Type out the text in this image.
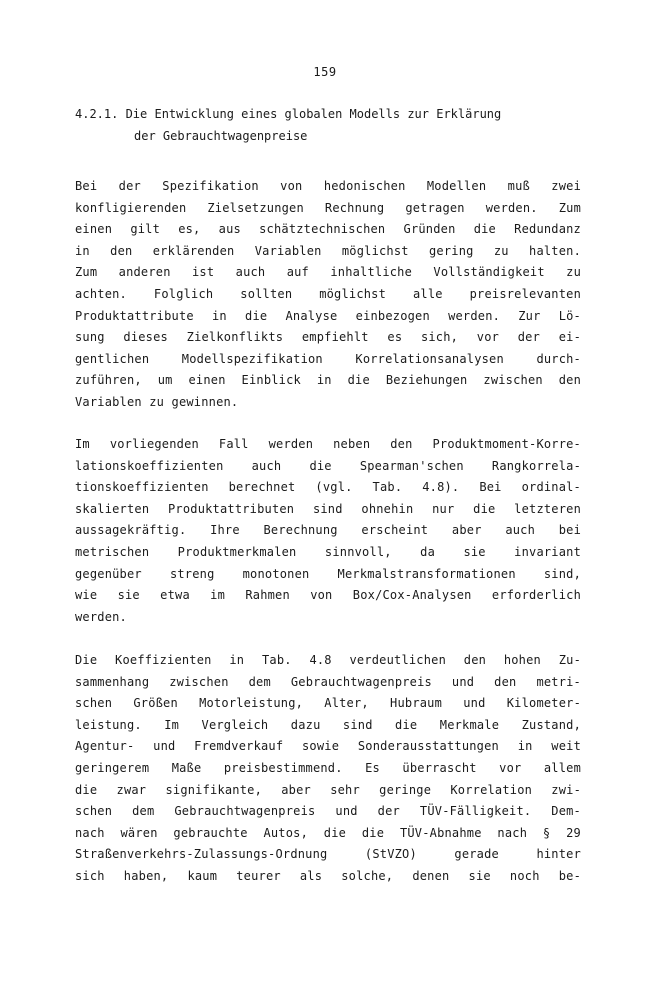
159
4.2.1. Die Entwicklung eines globalen Modells zur Erklärung
der Gebrauchtwagenpreise
Bei der Spezifikation von hedonischen Modellen muß zwei
konfligierenden Zielsetzungen Rechnung getragen werden. Zum
einen gilt es, aus schätztechnischen Gründen die Redundanz
in den erklärenden Variablen möglichst gering zu halten.
Zum anderen ist auch auf inhaltliche Vollständigkeit zu
achten. Folglich sollten möglichst alle preisrelevanten
Produktattribute in die Analyse einbezogen werden. Zur Lö-
sung dieses Zielkonflikts empfiehlt es sich, vor der ei-
gentlichen Modellspezifikation Korrelationsanalysen durch-
zuführen, um einen Einblick in die Beziehungen zwischen den
Variablen zu gewinnen.
Im vorliegenden Fall werden neben den Produktmoment-Korre-
lationskoeffizienten auch die Spearman'schen Rangkorrela-
tionskoeffizienten berechnet (vgl. Tab. 4.8). Bei ordinal-
skalierten Produktattributen sind ohnehin nur die letzteren
aussagekräftig. Ihre Berechnung erscheint aber auch bei
metrischen Produktmerkmalen sinnvoll, da sie invariant
gegenüber streng monotonen Merkmalstransformationen sind,
wie sie etwa im Rahmen von Box/Cox-Analysen erforderlich
werden.
Die Koeffizienten in Tab. 4.8 verdeutlichen den hohen Zu-
sammenhang zwischen dem Gebrauchtwagenpreis und den metri-
schen Größen Motorleistung, Alter, Hubraum und Kilometer-
leistung. Im Vergleich dazu sind die Merkmale Zustand,
Agentur- und Fremdverkauf sowie Sonderausstattungen in weit
geringerem Maße preisbestimmend. Es überrascht vor allem
die zwar signifikante, aber sehr geringe Korrelation zwi-
schen dem Gebrauchtwagenpreis und der TÜV-Fälligkeit. Dem-
nach wären gebrauchte Autos, die die TÜV-Abnahme nach § 29
Straßenverkehrs-Zulassungs-Ordnung (StVZO) gerade hinter
sich haben, kaum teurer als solche, denen sie noch be-
